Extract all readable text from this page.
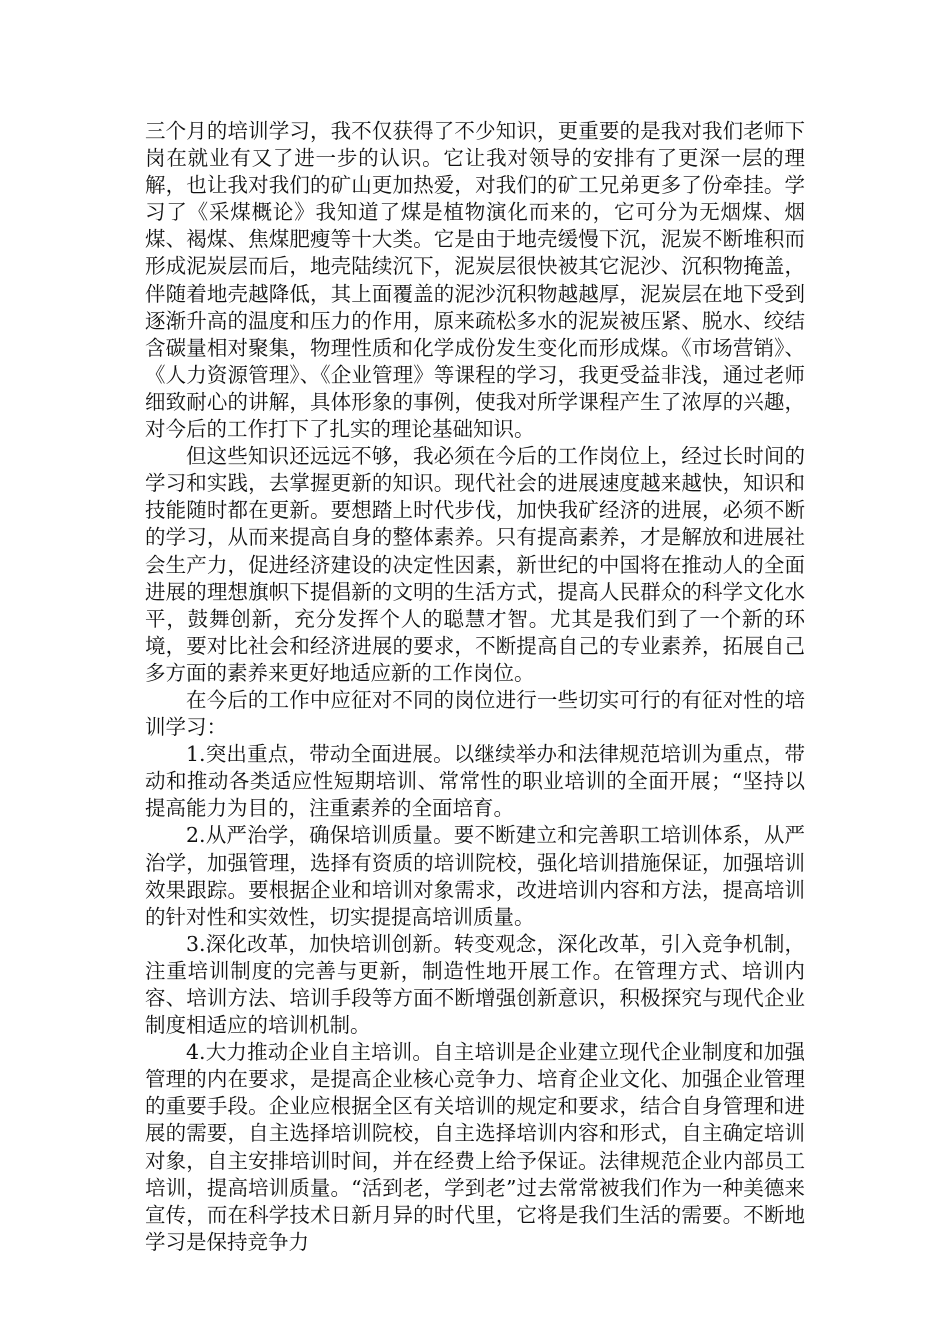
三个月的培训学习，我不仅获得了不少知识，更重要的是我对我们老师下岗在就业有又了进一步的认识。它让我对领导的安排有了更深一层的理解，也让我对我们的矿山更加热爱，对我们的矿工兄弟更多了份牵挂。学习了《采煤概论》我知道了煤是植物演化而来的，它可分为无烟煤、烟煤、褐煤、焦煤肥瘦等十大类。它是由于地壳缓慢下沉，泥炭不断堆积而形成泥炭层而后，地壳陆续沉下，泥炭层很快被其它泥沙、沉积物掩盖，伴随着地壳越降低，其上面覆盖的泥沙沉积物越越厚，泥炭层在地下受到逐渐升高的温度和压力的作用，原来疏松多水的泥炭被压紧、脱水、绞结含碳量相对聚集，物理性质和化学成份发生变化而形成煤。《市场营销》、《人力资源管理》、《企业管理》等课程的学习，我更受益非浅，通过老师细致耐心的讲解，具体形象的事例，使我对所学课程产生了浓厚的兴趣，对今后的工作打下了扎实的理论基础知识。

但这些知识还远远不够，我必须在今后的工作岗位上，经过长时间的学习和实践，去掌握更新的知识。现代社会的进展速度越来越快，知识和技能随时都在更新。要想踏上时代步伐，加快我矿经济的进展，必须不断的学习，从而来提高自身的整体素养。只有提高素养，才是解放和进展社会生产力，促进经济建设的决定性因素，新世纪的中国将在推动人的全面进展的理想旗帜下提倡新的文明的生活方式，提高人民群众的科学文化水平，鼓舞创新，充分发挥个人的聪慧才智。尤其是我们到了一个新的环境，要对比社会和经济进展的要求，不断提高自己的专业素养，拓展自己多方面的素养来更好地适应新的工作岗位。

在今后的工作中应征对不同的岗位进行一些切实可行的有征对性的培训学习：

1.突出重点，带动全面进展。以继续举办和法律规范培训为重点，带动和推动各类适应性短期培训、常常性的职业培训的全面开展；“坚持以提高能力为目的，注重素养的全面培育。

2.从严治学，确保培训质量。要不断建立和完善职工培训体系，从严治学，加强管理，选择有资质的培训院校，强化培训措施保证，加强培训效果跟踪。要根据企业和培训对象需求，改进培训内容和方法，提高培训的针对性和实效性，切实提提高培训质量。

3.深化改革，加快培训创新。转变观念，深化改革，引入竞争机制，注重培训制度的完善与更新，制造性地开展工作。在管理方式、培训内容、培训方法、培训手段等方面不断增强创新意识，积极探究与现代企业制度相适应的培训机制。

4.大力推动企业自主培训。自主培训是企业建立现代企业制度和加强管理的内在要求，是提高企业核心竞争力、培育企业文化、加强企业管理的重要手段。企业应根据全区有关培训的规定和要求，结合自身管理和进展的需要，自主选择培训院校，自主选择培训内容和形式，自主确定培训对象，自主安排培训时间，并在经费上给予保证。法律规范企业内部员工培训，提高培训质量。“活到老，学到老”过去常常被我们作为一种美德来宣传，而在科学技术日新月异的时代里，它将是我们生活的需要。不断地学习是保持竞争力
